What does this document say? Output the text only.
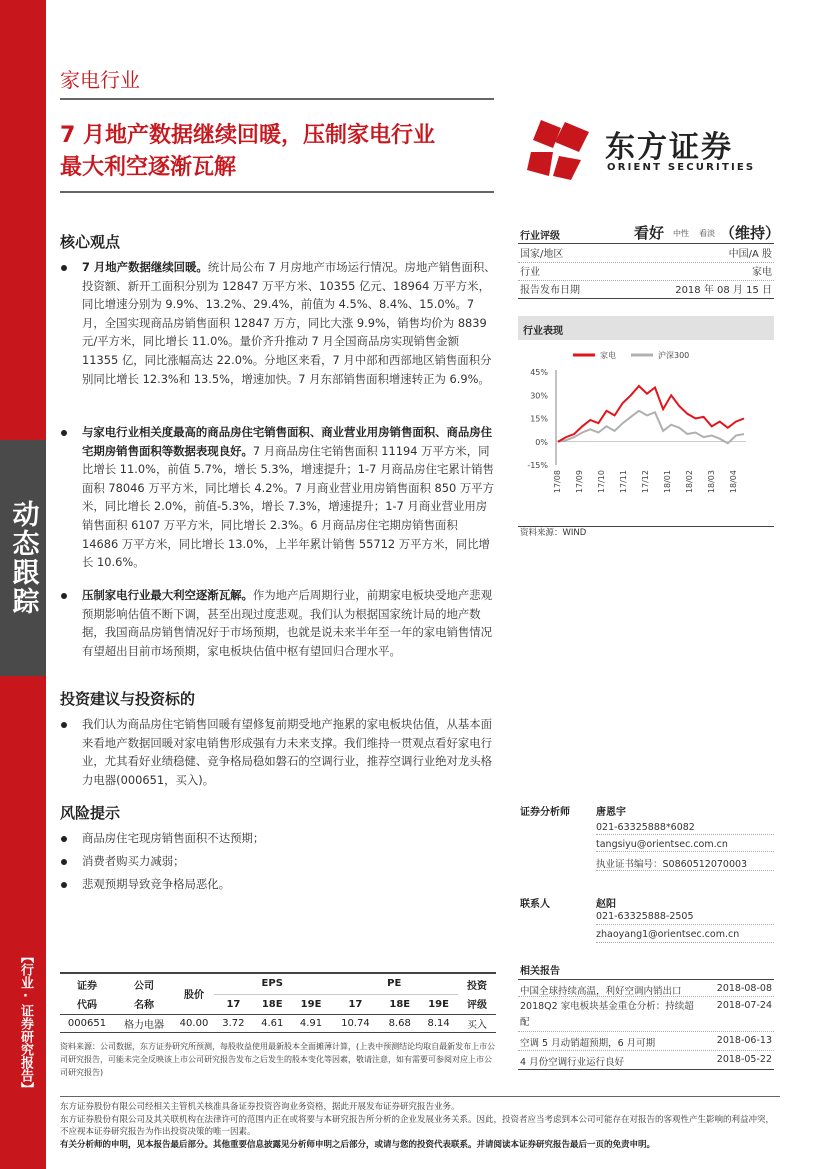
动态跟踪
【行业·证券研究报告】
家电行业
7 月地产数据继续回暖，压制家电行业
最大利空逐渐瓦解
东方证券
ORIENT SECURITIES
核心观点
7 月地产数据继续回暖。统计局公布 7 月房地产市场运行情况。房地产销售面积、投资额、新开工面积分别为 12847 万平方米、10355 亿元、18964 万平方米，同比增速分别为 9.9%、13.2%、29.4%，前值为 4.5%、8.4%、15.0%。7 月，全国实现商品房销售面积 12847 万方，同比大涨 9.9%，销售均价为 8839 元/平方米，同比增长 11.0%。量价齐升推动 7 月全国商品房实现销售金额 11355 亿，同比涨幅高达 22.0%。分地区来看，7 月中部和西部地区销售面积分别同比增长 12.3%和 13.5%，增速加快。7 月东部销售面积增速转正为 6.9%。
与家电行业相关度最高的商品房住宅销售面积、商业营业用房销售面积、商品房住宅期房销售面积等数据表现良好。7 月商品房住宅销售面积 11194 万平方米，同比增长 11.0%，前值 5.7%，增长 5.3%，增速提升；1-7 月商品房住宅累计销售面积 78046 万平方米，同比增长 4.2%。7 月商业营业用房销售面积 850 万平方米，同比增长 2.0%，前值-5.3%，增长 7.3%，增速提升；1-7 月商业营业用房销售面积 6107 万平方米，同比增长 2.3%。6 月商品房住宅期房销售面积 14686 万平方米，同比增长 13.0%，上半年累计销售 55712 万平方米，同比增长 10.6%。
压制家电行业最大利空逐渐瓦解。作为地产后周期行业，前期家电板块受地产悲观预期影响估值不断下调，甚至出现过度悲观。我们认为根据国家统计局的地产数据，我国商品房销售情况好于市场预期，也就是说未来半年至一年的家电销售情况有望超出目前市场预期，家电板块估值中枢有望回归合理水平。
投资建议与投资标的
我们认为商品房住宅销售回暖有望修复前期受地产拖累的家电板块估值，从基本面来看地产数据回暖对家电销售形成强有力未来支撑。我们维持一贯观点看好家电行业，尤其看好业绩稳健、竞争格局稳如磐石的空调行业，推荐空调行业绝对龙头格力电器(000651，买入)。
风险提示
商品房住宅现房销售面积不达预期；
消费者购买力减弱；
悲观预期导致竞争格局恶化。
行业评级	看好 中性 看淡 （维持）
国家/地区	中国/A 股
行业	家电
报告发布日期	2018 年 08 月 15 日
行业表现
家电	沪深300
45%
30%
15%
0%
-15%
17/08 17/09 17/10 17/11 17/12 18/01 18/02 18/03 18/04
资料来源：WIND
证券分析师	唐恩宇
021-63325888*6082
tangsiyu@orientsec.com.cn
执业证书编号：S0860512070003
联系人	赵阳
021-63325888-2505
zhaoyang1@orientsec.com.cn
相关报告
中国全球持续高温，利好空调内销出口	2018-08-08
2018Q2 家电板块基金重仓分析：持续超配
2018-07-24
空调 5 月动销超预期，6 月可期	2018-06-13
4 月份空调行业运行良好	2018-05-22
证券	公司	股价	EPS			PE			投资
代码	名称		17	18E	19E	17	18E	19E	评级
000651	格力电器	40.00	3.72	4.61	4.91	10.74	8.68	8.14	买入
资料来源：公司数据，东方证券研究所预测，每股收益使用最新股本全面摊薄计算，(上表中预测结论均取自最新发布上市公司研究报告，可能未完全反映该上市公司研究报告发布之后发生的股本变化等因素，敬请注意，如有需要可参阅对应上市公司研究报告)
东方证券股份有限公司经相关主管机关核准具备证券投资咨询业务资格，据此开展发布证券研究报告业务。
东方证券股份有限公司及其关联机构在法律许可的范围内正在或将要与本研究报告所分析的企业发展业务关系。因此，投资者应当考虑到本公司可能存在对报告的客观性产生影响的利益冲突，不应视本证券研究报告为作出投资决策的唯一因素。
有关分析师的申明，见本报告最后部分。其他重要信息披露见分析师申明之后部分，或请与您的投资代表联系。并请阅读本证券研究报告最后一页的免责申明。
